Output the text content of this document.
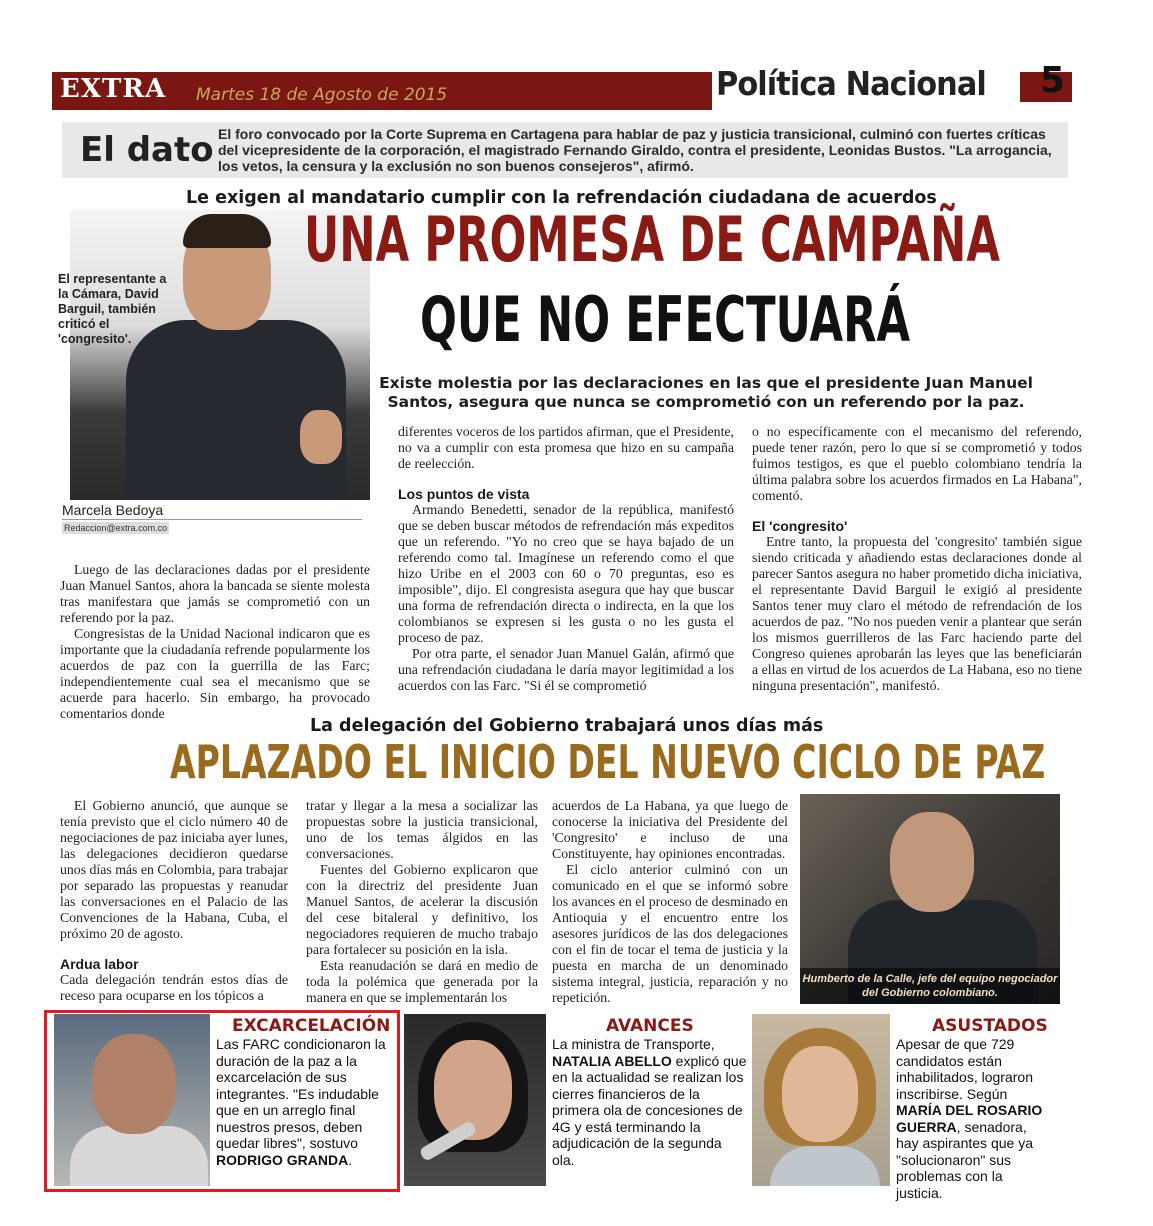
EXTRA	Martes 18 de Agosto de 2015	Política Nacional	5
El dato El foro convocado por la Corte Suprema en Cartagena para hablar de paz y justicia transicional, culminó con fuertes críticas del vicepresidente de la corporación, el magistrado Fernando Giraldo, contra el presidente, Leonidas Bustos. "La arrogancia, los vetos, la censura y la exclusión no son buenos consejeros", afirmó.
Le exigen al mandatario cumplir con la refrendación ciudadana de acuerdos
El representante a la Cámara, David Barguil, también criticó el 'congresito'.
UNA PROMESA DE CAMPAÑA
QUE NO EFECTUARÁ
Existe molestia por las declaraciones en las que el presidente Juan Manuel Santos, asegura que nunca se comprometió con un referendo por la paz.
Marcela Bedoya
Redaccion@extra.com.co

Luego de las declaraciones dadas por el presidente Juan Manuel Santos, ahora la bancada se siente molesta tras manifestara que jamás se comprometió con un referendo por la paz.

Congresistas de la Unidad Nacional indicaron que es importante que la ciudadanía refrende popularmente los acuerdos de paz con la guerrilla de las Farc; independientemente cual sea el mecanismo que se acuerde para hacerlo. Sin embargo, ha provocado comentarios donde

diferentes voceros de los partidos afirman, que el Presidente, no va a cumplir con esta promesa que hizo en su campaña de reelección.

Los puntos de vista

Armando Benedetti, senador de la república, manifestó que se deben buscar métodos de refrendación más expeditos que un referendo. "Yo no creo que se haya bajado de un referendo como tal. Imagínese un referendo como el que hizo Uribe en el 2003 con 60 o 70 preguntas, eso es imposible", dijo. El congresista asegura que hay que buscar una forma de refrendación directa o indirecta, en la que los colombianos se expresen si les gusta o no les gusta el proceso de paz.

Por otra parte, el senador Juan Manuel Galán, afirmó que una refrendación ciudadana le daría mayor legitimidad a los acuerdos con las Farc. "Si él se comprometió

o no específicamente con el mecanismo del referendo, puede tener razón, pero lo que sí se comprometió y todos fuimos testigos, es que el pueblo colombiano tendría la última palabra sobre los acuerdos firmados en La Habana", comentó.

El 'congresito'

Entre tanto, la propuesta del 'congresito' también sigue siendo criticada y añadiendo estas declaraciones donde al parecer Santos asegura no haber prometido dicha iniciativa, el representante David Barguil le exigió al presidente Santos tener muy claro el método de refrendación de los acuerdos de paz. "No nos pueden venir a plantear que serán los mismos guerrilleros de las Farc haciendo parte del Congreso quienes aprobarán las leyes que las beneficiarán a ellas en virtud de los acuerdos de La Habana, eso no tiene ninguna presentación", manifestó.

La delegación del Gobierno trabajará unos días más
APLAZADO EL INICIO DEL NUEVO CICLO DE PAZ

El Gobierno anunció, que aunque se tenía previsto que el ciclo número 40 de negociaciones de paz iniciaba ayer lunes, las delegaciones decidieron quedarse unos días más en Colombia, para trabajar por separado las propuestas y reanudar las conversaciones en el Palacio de las Convenciones de la Habana, Cuba, el próximo 20 de agosto.

Ardua labor

Cada delegación tendrán estos días de receso para ocuparse en los tópicos a

tratar y llegar a la mesa a socializar las propuestas sobre la justicia transicional, uno de los temas álgidos en las conversaciones.

Fuentes del Gobierno explicaron que con la directriz del presidente Juan Manuel Santos, de acelerar la discusión del cese bitaleral y definitivo, los negociadores requieren de mucho trabajo para fortalecer su posición en la isla.

Esta reanudación se dará en medio de toda la polémica que generada por la manera en que se implementarán los

acuerdos de La Habana, ya que luego de conocerse la iniciativa del Presidente del 'Congresito' e incluso de una Constituyente, hay opiniones encontradas.

El ciclo anterior culminó con un comunicado en el que se informó sobre los avances en el proceso de desminado en Antioquia y el encuentro entre los asesores jurídicos de las dos delegaciones con el fin de tocar el tema de justicia y la puesta en marcha de un denominado sistema integral, justicia, reparación y no repetición.

Humberto de la Calle, jefe del equipo negociador del Gobierno colombiano.
EXCARCELACIÓN
Las FARC condicionaron la duración de la paz a la excarcelación de sus integrantes. "Es indudable que en un arreglo final nuestros presos, deben quedar libres", sostuvo RODRIGO GRANDA.
AVANCES
La ministra de Transporte, NATALIA ABELLO explicó que en la actualidad se realizan los cierres financieros de la primera ola de concesiones de 4G y está terminando la adjudicación de la segunda ola.
ASUSTADOS
Apesar de que 729 candidatos están inhabilitados, lograron inscribirse. Según MARÍA DEL ROSARIO GUERRA, senadora, hay aspirantes que ya "solucionaron" sus problemas con la justicia.
